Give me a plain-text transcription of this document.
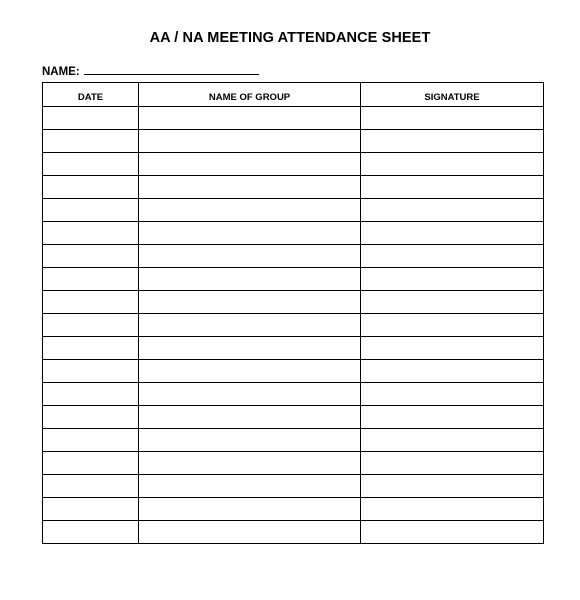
AA / NA MEETING ATTENDANCE SHEET
NAME:
DATE	NAME OF GROUP	SIGNATURE
